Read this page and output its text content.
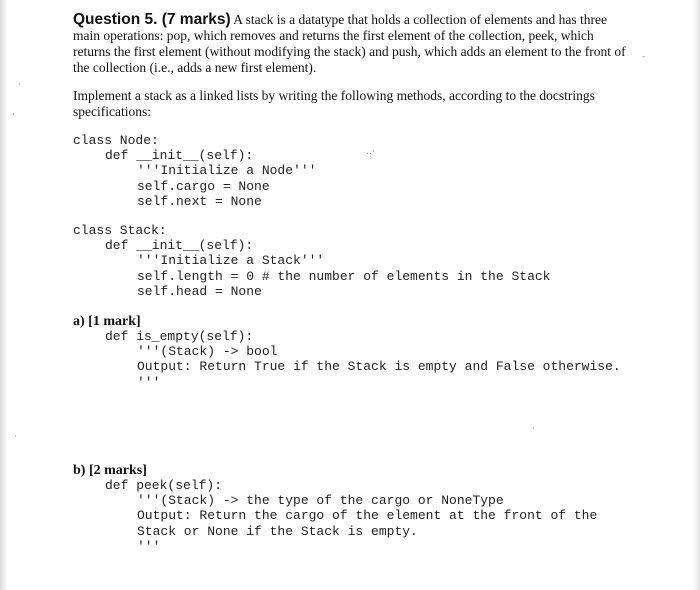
Question 5. (7 marks) A stack is a datatype that holds a collection of elements and has three main operations: pop, which removes and returns the first element of the collection, peek, which returns the first element (without modifying the stack) and push, which adds an element to the front of the collection (i.e., adds a new first element).
Implement a stack as a linked lists by writing the following methods, according to the docstrings specifications:
class Node:
def __init__(self):
'''Initialize a Node'''
self.cargo = None
self.next = None
class Stack:
def __init__(self):
'''Initialize a Stack'''
self.length = 0 # the number of elements in the Stack
self.head = None
a) [1 mark]
def is_empty(self):
'''(Stack) -> bool
Output: Return True if the Stack is empty and False otherwise.
'''
b) [2 marks]
def peek(self):
'''(Stack) -> the type of the cargo or NoneType
Output: Return the cargo of the element at the front of the
Stack or None if the Stack is empty.
'''
·
·
‥·
·
-
·
